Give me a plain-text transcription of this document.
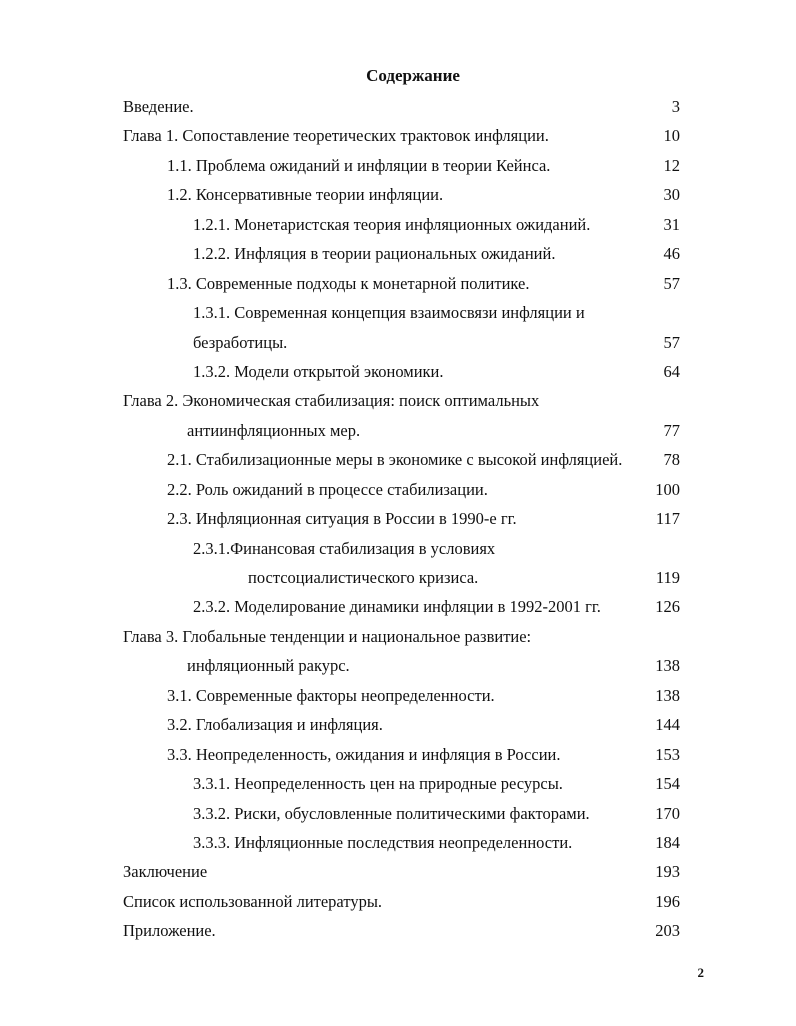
Содержание
Введение.	3
Глава 1. Сопоставление теоретических трактовок инфляции.	10
1.1. Проблема ожиданий и инфляции в теории Кейнса.	12
1.2. Консервативные теории инфляции.	30
1.2.1. Монетаристская теория инфляционных ожиданий.	31
1.2.2. Инфляция в теории рациональных ожиданий.	46
1.3. Современные подходы к монетарной политике.	57
1.3.1. Современная концепция взаимосвязи инфляции и
безработицы.	57
1.3.2. Модели открытой экономики.	64
Глава 2. Экономическая стабилизация: поиск оптимальных
антиинфляционных мер.	77
2.1. Стабилизационные меры в экономике с высокой инфляцией.	78
2.2. Роль ожиданий в процессе стабилизации.	100
2.3. Инфляционная ситуация в России в 1990-е гг.	117
2.3.1.Финансовая стабилизация в условиях
постсоциалистического кризиса.	119
2.3.2. Моделирование динамики инфляции в 1992-2001 гг.	126
Глава 3. Глобальные тенденции и национальное развитие:
инфляционный ракурс.	138
3.1. Современные факторы неопределенности.	138
3.2. Глобализация и инфляция.	144
3.3. Неопределенность, ожидания и инфляция в России.	153
3.3.1. Неопределенность цен на природные ресурсы.	154
3.3.2. Риски, обусловленные политическими факторами.	170
3.3.3. Инфляционные последствия неопределенности.	184
Заключение	193
Список использованной литературы.	196
Приложение.	203
2
